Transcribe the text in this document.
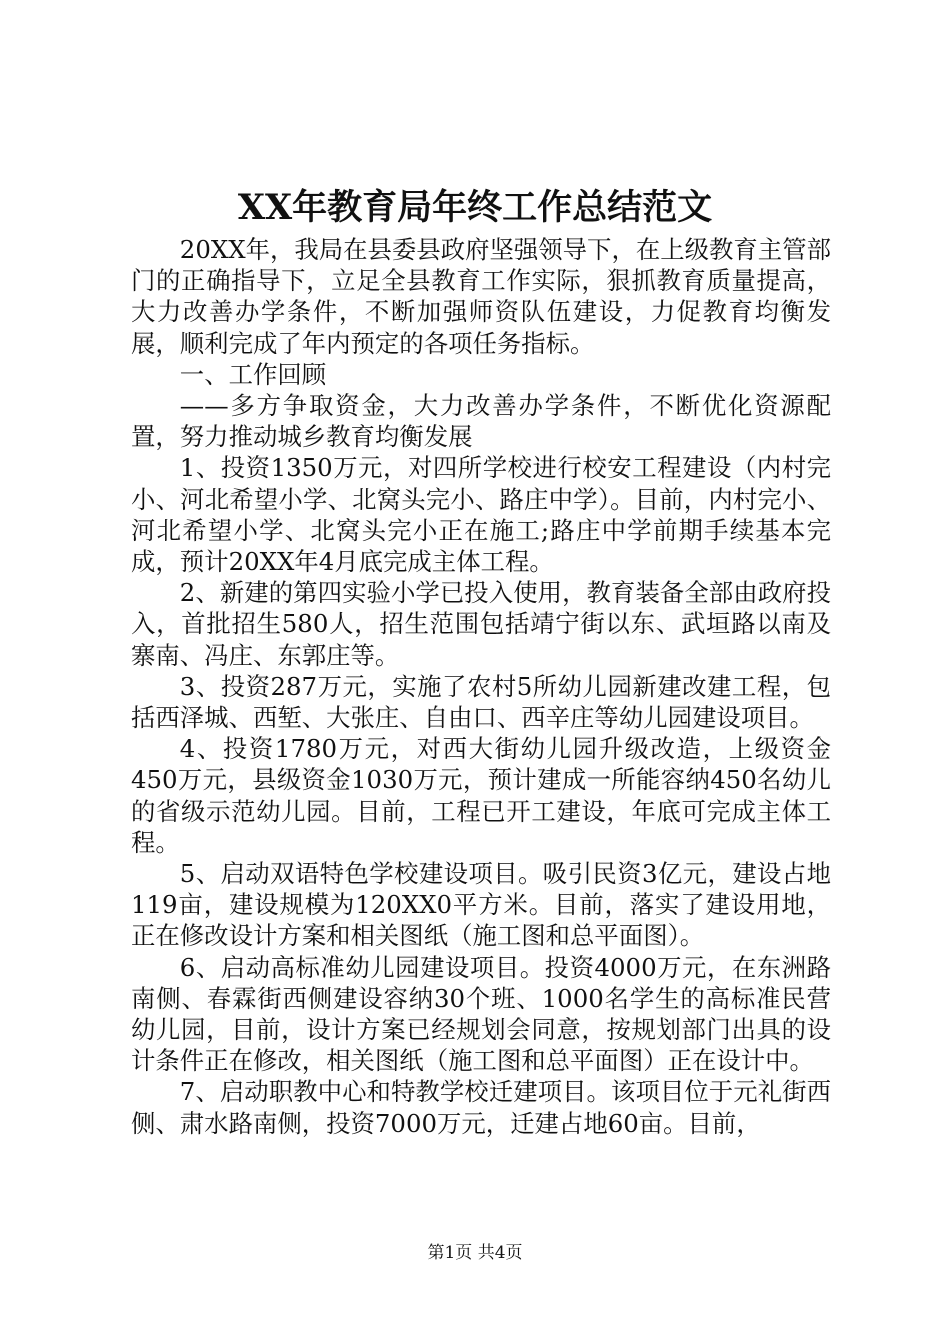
XX年教育局年终工作总结范文

20XX年，我局在县委县政府坚强领导下，在上级教育主管部门的正确指导下，立足全县教育工作实际，狠抓教育质量提高，大力改善办学条件，不断加强师资队伍建设，力促教育均衡发展，顺利完成了年内预定的各项任务指标。

一、工作回顾

——多方争取资金，大力改善办学条件，不断优化资源配置，努力推动城乡教育均衡发展

1、投资1350万元，对四所学校进行校安工程建设（内村完小、河北希望小学、北窝头完小、路庄中学）。目前，内村完小、河北希望小学、北窝头完小正在施工;路庄中学前期手续基本完成，预计20XX年4月底完成主体工程。

2、新建的第四实验小学已投入使用，教育装备全部由政府投入，首批招生580人，招生范围包括靖宁街以东、武垣路以南及寨南、冯庄、东郭庄等。

3、投资287万元，实施了农村5所幼儿园新建改建工程，包括西泽城、西堑、大张庄、自由口、西辛庄等幼儿园建设项目。

4、投资1780万元，对西大街幼儿园升级改造，上级资金450万元，县级资金1030万元，预计建成一所能容纳450名幼儿的省级示范幼儿园。目前，工程已开工建设，年底可完成主体工程。

5、启动双语特色学校建设项目。吸引民资3亿元，建设占地119亩，建设规模为120XX0平方米。目前，落实了建设用地，正在修改设计方案和相关图纸（施工图和总平面图）。

6、启动高标准幼儿园建设项目。投资4000万元，在东洲路南侧、春霖街西侧建设容纳30个班、1000名学生的高标准民营幼儿园，目前，设计方案已经规划会同意，按规划部门出具的设计条件正在修改，相关图纸（施工图和总平面图）正在设计中。

7、启动职教中心和特教学校迁建项目。该项目位于元礼街西侧、肃水路南侧，投资7000万元，迁建占地60亩。目前，

第1页 共4页
